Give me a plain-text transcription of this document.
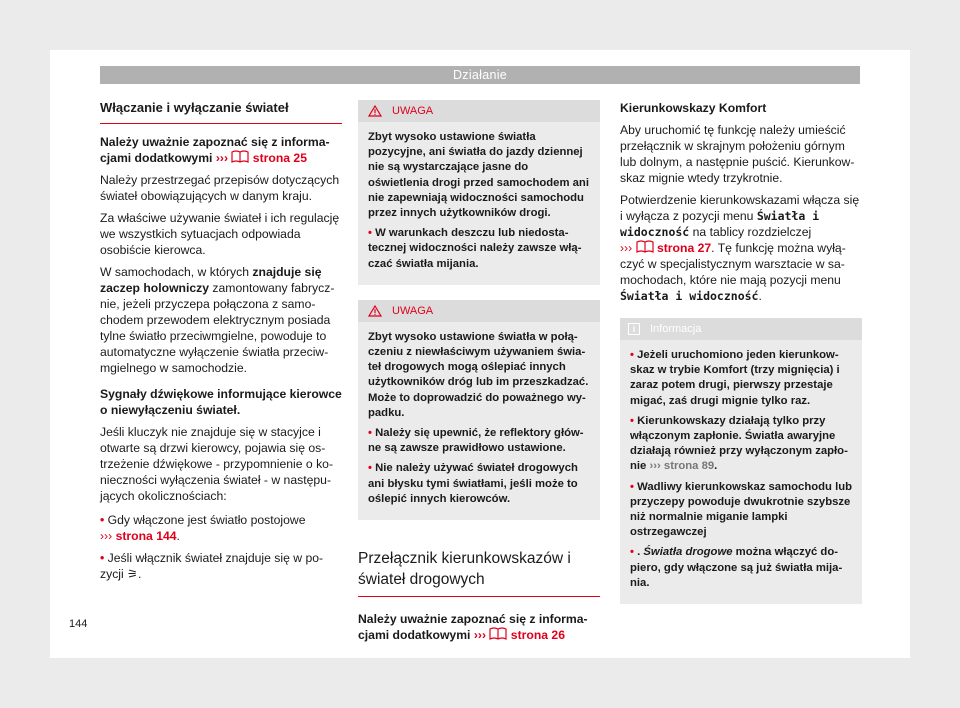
Działanie
Włączanie i wyłączanie świateł

Należy uważnie zapoznać się z informacjami dodatkowymi ››› strona 25

Należy przestrzegać przepisów dotyczących świateł obowiązujących w danym kraju.

Za właściwe używanie świateł i ich regulację we wszystkich sytuacjach odpowiada osobiście kierowca.

W samochodach, w których znajduje się zaczep holowniczy zamontowany fabrycznie, jeżeli przyczepa połączona z samochodem przewodem elektrycznym posiada tylne światło przeciwmgielne, powoduje to automatyczne wyłączenie światła przeciwmgielnego w samochodzie.

Sygnały dźwiękowe informujące kierowce o niewyłączeniu świateł.

Jeśli kluczyk nie znajduje się w stacyjce i otwarte są drzwi kierowcy, pojawia się ostrzeżenie dźwiękowe - przypomnienie o konieczności wyłączenia świateł - w następujących okolicznościach:

• Gdy włączone jest światło postojowe
››› strona 144.

• Jeśli włącznik świateł znajduje się w pozycji ⚞.

UWAGA

Zbyt wysoko ustawione światła pozycyjne, ani światła do jazdy dziennej nie są wystarczające jasne do oświetlenia drogi przed samochodem ani nie zapewniają widoczności samochodu przez innych użytkowników drogi.

• W warunkach deszczu lub niedostatecznej widoczności należy zawsze włączać światła mijania.

UWAGA

Zbyt wysoko ustawione światła w połączeniu z niewłaściwym używaniem świateł drogowych mogą oślepiać innych użytkowników dróg lub im przeszkadzać. Może to doprowadzić do poważnego wypadku.

• Należy się upewnić, że reflektory główne są zawsze prawidłowo ustawione.

• Nie należy używać świateł drogowych ani błysku tymi światłami, jeśli może to oślepić innych kierowców.

Przełącznik kierunkowskazów i świateł drogowych

Należy uważnie zapoznać się z informacjami dodatkowymi ››› strona 26

Kierunkowskazy Komfort

Aby uruchomić tę funkcję należy umieścić przełącznik w skrajnym położeniu górnym lub dolnym, a następnie puścić. Kierunkowskaz mignie wtedy trzykrotnie.

Potwierdzenie kierunkowskazami włącza się i wyłącza z pozycji menu Światła i widoczność na tablicy rozdzielczej
››› strona 27. Tę funkcję można wyłączyć w specjalistycznym warsztacie w samochodach, które nie mają pozycji menu Światła i widoczność.

i	Informacja

• Jeżeli uruchomiono jeden kierunkowskaz w trybie Komfort (trzy mignięcia) i zaraz potem drugi, pierwszy przestaje migać, zaś drugi mignie tylko raz.

• Kierunkowskazy działają tylko przy włączonym zapłonie. Światła awaryjne działają również przy wyłączonym zapłonie ››› strona 89.

• Wadliwy kierunkowskaz samochodu lub przyczepy powoduje dwukrotnie szybsze niż normalnie miganie lampki ostrzegawczej

• . Światła drogowe można włączyć dopiero, gdy włączone są już światła mijania.

144
